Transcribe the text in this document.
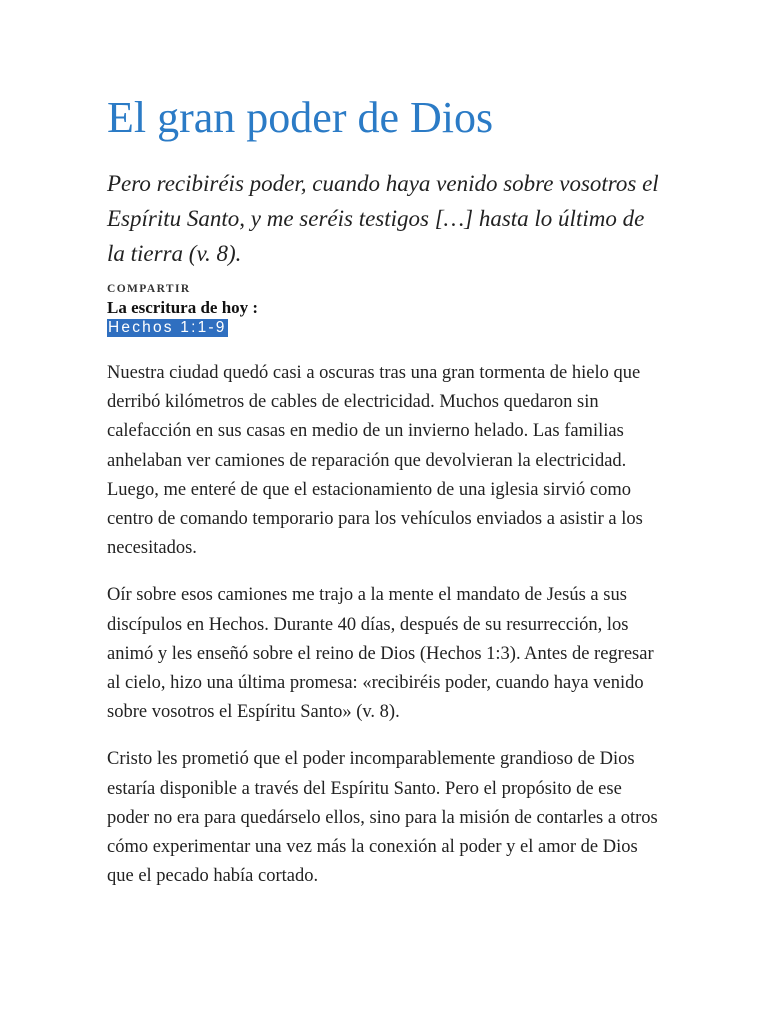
El gran poder de Dios

Pero recibiréis poder, cuando haya venido sobre vosotros el Espíritu Santo, y me seréis testigos […] hasta lo último de la tierra (v. 8).

COMPARTIR
La escritura de hoy :
Hechos 1:1-9

Nuestra ciudad quedó casi a oscuras tras una gran tormenta de hielo que derribó kilómetros de cables de electricidad. Muchos quedaron sin calefacción en sus casas en medio de un invierno helado. Las familias anhelaban ver camiones de reparación que devolvieran la electricidad. Luego, me enteré de que el estacionamiento de una iglesia sirvió como centro de comando temporario para los vehículos enviados a asistir a los necesitados.

Oír sobre esos camiones me trajo a la mente el mandato de Jesús a sus discípulos en Hechos. Durante 40 días, después de su resurrección, los animó y les enseñó sobre el reino de Dios (Hechos 1:3). Antes de regresar al cielo, hizo una última promesa: «recibiréis poder, cuando haya venido sobre vosotros el Espíritu Santo» (v. 8).

Cristo les prometió que el poder incomparablemente grandioso de Dios estaría disponible a través del Espíritu Santo. Pero el propósito de ese poder no era para quedárselo ellos, sino para la misión de contarles a otros cómo experimentar una vez más la conexión al poder y el amor de Dios que el pecado había cortado.
